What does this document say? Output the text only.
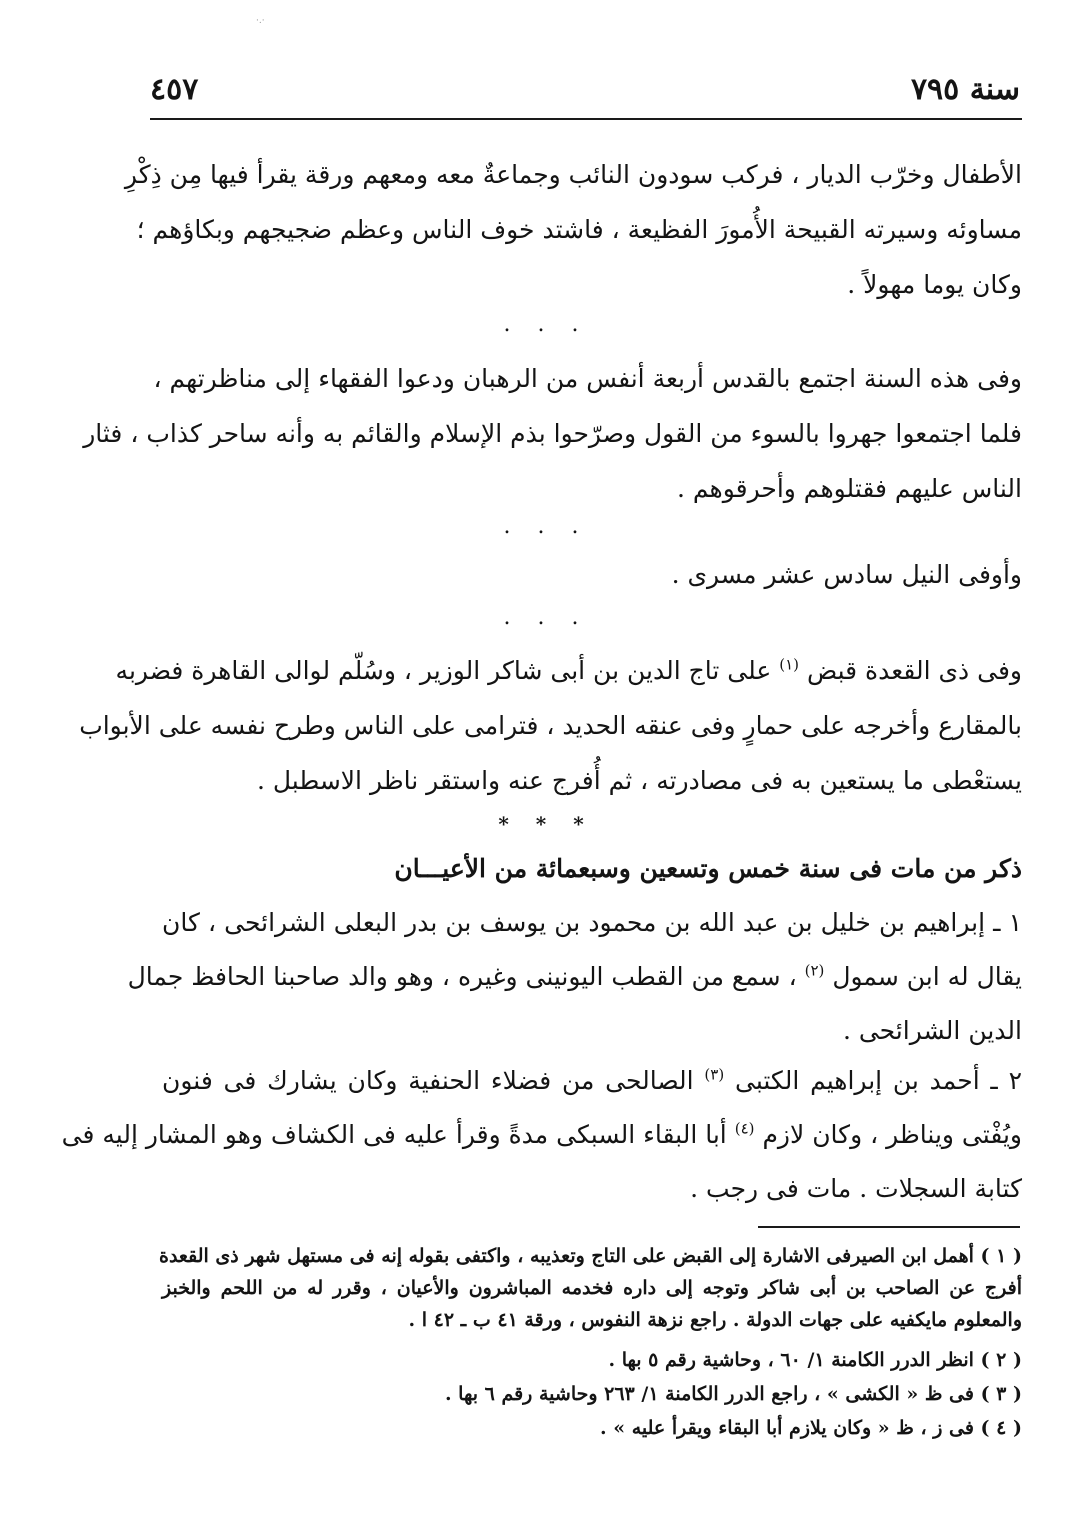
·.·
سنة ٧٩٥
٤٥٧
الأطفال وخرّب الديار ، فركب سودون النائب وجماعةٌ معه ومعهم ورقة يقرأ فيها مِن ذِكْرِ
مساوئه وسيرته القبيحة الأُمورَ الفظيعة ، فاشتد خوف الناس وعظم ضجيجهم وبكاؤهم ؛
وكان يوما مهولاً .
. . .
وفى هذه السنة اجتمع بالقدس أربعة أنفس من الرهبان ودعوا الفقهاء إلى مناظرتهم ،
فلما اجتمعوا جهروا بالسوء من القول وصرّحوا بذم الإسلام والقائم به وأنه ساحر كذاب ، فثار
الناس عليهم فقتلوهم وأحرقوهم .
. . .
وأوفى النيل سادس عشر مسرى .
. . .
وفى ذى القعدة قبض $^{(١)}$ على تاج الدين بن أبى شاكر الوزير ، وسُلّم لوالى القاهرة فضربه
بالمقارع وأخرجه على حمارٍ وفى عنقه الحديد ، فترامى على الناس وطرح نفسه على الأبواب
يستعْطى ما يستعين به فى مصادرته ، ثم أُفرج عنه واستقر ناظر الاسطبل .
* * *
ذكر من مات فى سنة خمس وتسعين وسبعمائة من الأعيـــان
١ ـ إبراهيم بن خليل بن عبد الله بن محمود بن يوسف بن بدر البعلى الشرائحى ، كان
يقال له ابن سمول $^{(٢)}$ ، سمع من القطب اليونينى وغيره ، وهو والد صاحبنا الحافظ جمال
الدين الشرائحى .
٢ ـ أحمد بن إبراهيم الكتبى $^{(٣)}$ الصالحى من فضلاء الحنفية وكان يشارك فى فنون
ويُفْتى ويناظر ، وكان لازم $^{(٤)}$ أبا البقاء السبكى مدةً وقرأ عليه فى الكشاف وهو المشار إليه فى
كتابة السجلات . مات فى رجب .
( ١ ) أهمل ابن الصيرفى الاشارة إلى القبض على التاج وتعذيبه ، واكتفى بقوله إنه فى مستهل شهر ذى القعدة
أفرج عن الصاحب بن أبى شاكر وتوجه إلى داره فخدمه المباشرون والأعيان ، وقرر له من اللحم والخبز
والمعلوم مايكفيه على جهات الدولة . راجع نزهة النفوس ، ورقة ٤١ ب ـ ٤٢ ا .
( ٢ ) انظر الدرر الكامنة ١/ ٦٠ ، وحاشية رقم ٥ بها .
( ٣ ) فى ظ « الكشى » ، راجع الدرر الكامنة ١/ ٢٦٣ وحاشية رقم ٦ بها .
( ٤ ) فى ز ، ظ « وكان يلازم أبا البقاء ويقرأ عليه » .
